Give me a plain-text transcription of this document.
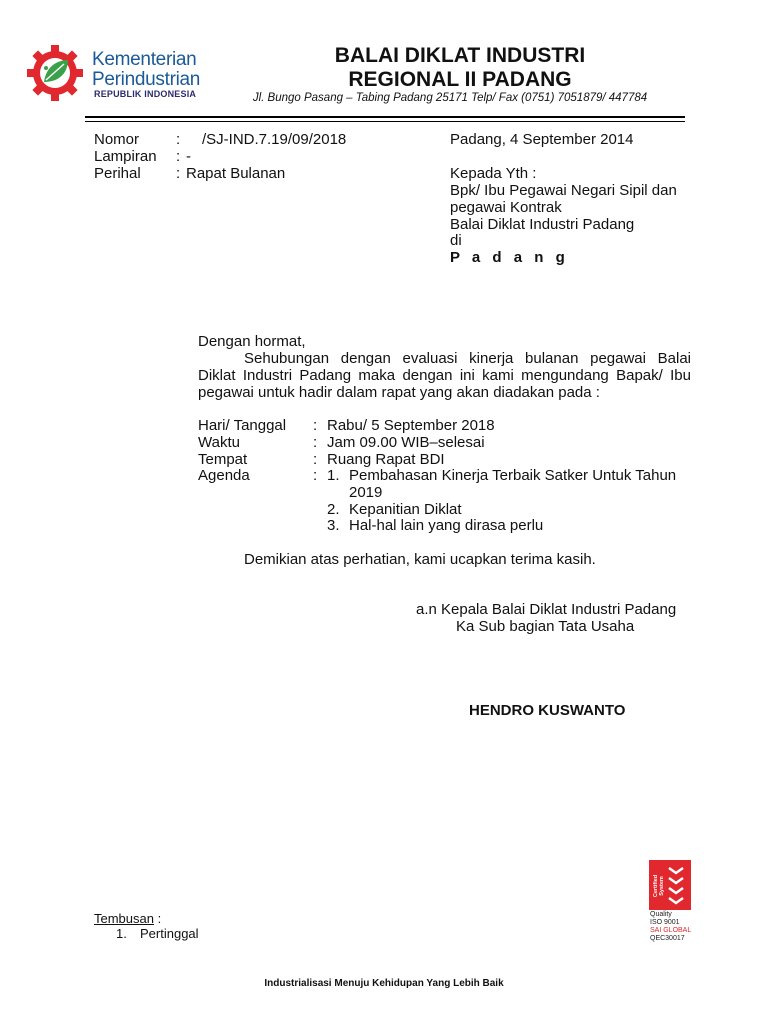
Kementerian
Perindustrian
REPUBLIK INDONESIA
BALAI DIKLAT INDUSTRI
REGIONAL II PADANG
Jl. Bungo Pasang – Tabing Padang 25171 Telp/ Fax (0751) 7051879/ 447784
Nomor : /SJ-IND.7.19/09/2018
Lampiran : -
Perihal : Rapat Bulanan
Padang, 4 September 2014
Kepada Yth :
Bpk/ Ibu Pegawai Negari Sipil dan
pegawai Kontrak
Balai Diklat Industri Padang
di
P a d a n g
Dengan hormat,
Sehubungan dengan evaluasi kinerja bulanan pegawai Balai
Diklat Industri Padang maka dengan ini kami mengundang Bapak/ Ibu
pegawai untuk hadir dalam rapat yang akan diadakan pada :
Hari/ Tanggal : Rabu/ 5 September 2018
Waktu	: Jam 09.00 WIB–selesai
Tempat	: Ruang Rapat BDI
Agenda	: 1. Pembahasan Kinerja Terbaik Satker Untuk Tahun
2019
2. Kepanitian Diklat
3. Hal-hal lain yang dirasa perlu
Demikian atas perhatian, kami ucapkan terima kasih.
a.n Kepala Balai Diklat Industri Padang
Ka Sub bagian Tata Usaha
HENDRO KUSWANTO
Tembusan :
1. Pertinggal
Certified System
Quality
ISO 9001
SAI GLOBAL
QEC30017
Industrialisasi Menuju Kehidupan Yang Lebih Baik
